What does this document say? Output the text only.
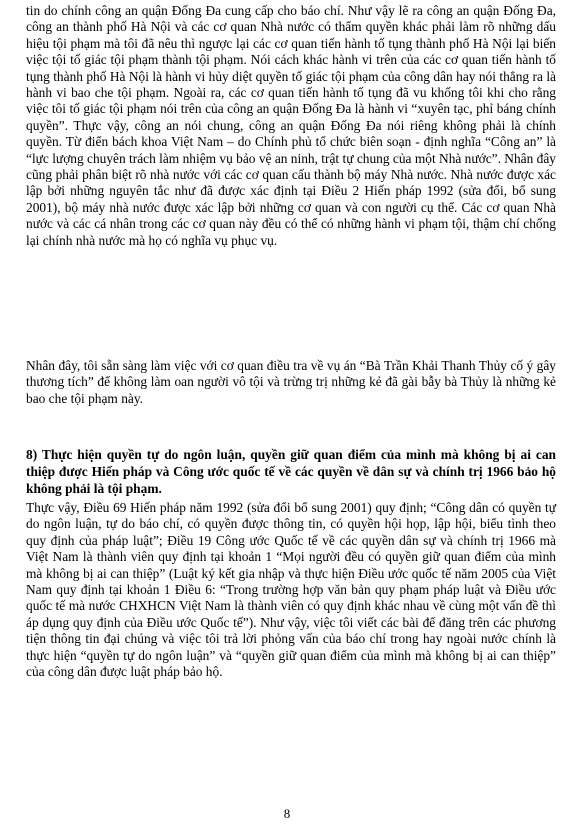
tin do chính công an quận Đống Đa cung cấp cho báo chí. Như vậy lẽ ra công an quận Đống Đa, công an thành phố Hà Nội và các cơ quan Nhà nước có thẩm quyền khác phải làm rõ những dấu hiệu tội phạm mà tôi đã nêu thì ngược lại các cơ quan tiến hành tố tụng thành phố Hà Nội lại biến việc tội tố giác tội phạm thành tội phạm. Nói cách khác hành vi trên của các cơ quan tiến hành tố tụng thành phố Hà Nội là hành vi hủy diệt quyền tố giác tội phạm của công dân hay nói thẳng ra là hành vi bao che tội phạm. Ngoài ra, các cơ quan tiến hành tố tụng đã vu khống tôi khi cho rằng việc tôi tố giác tội phạm nói trên của công an quận Đống Đa là hành vi “xuyên tạc, phỉ báng chính quyền”. Thực vậy, công an nói chung, công an quận Đống Đa nói riêng không phải là chính quyền. Từ điển bách khoa Việt Nam – do Chính phủ tổ chức biên soạn - định nghĩa “Công an” là “lực lượng chuyên trách làm nhiệm vụ bảo vệ an ninh, trật tự chung của một Nhà nước”. Nhân đây cũng phải phân biệt rõ nhà nước với các cơ quan cấu thành bộ máy Nhà nước. Nhà nước được xác lập bởi những nguyên tắc như đã được xác định tại Điều 2 Hiến pháp 1992 (sửa đổi, bổ sung 2001), bộ máy nhà nước được xác lập bởi những cơ quan và con người cụ thể. Các cơ quan Nhà nước và các cá nhân trong các cơ quan này đều có thể có những hành vi phạm tội, thậm chí chống lại chính nhà nước mà họ có nghĩa vụ phục vụ.

Nhân đây, tôi sẵn sàng làm việc với cơ quan điều tra về vụ án “Bà Trần Khải Thanh Thủy cố ý gây thương tích” để không làm oan người vô tội và trừng trị những kẻ đã gài bẫy bà Thủy là những kẻ bao che tội phạm này.

8) Thực hiện quyền tự do ngôn luận, quyền giữ quan điểm của mình mà không bị ai can thiệp được Hiến pháp và Công ước quốc tế về các quyền về dân sự và chính trị 1966 bảo hộ không phải là tội phạm.

Thực vậy, Điều 69 Hiến pháp năm 1992 (sửa đổi bổ sung 2001) quy định; “Công dân có quyền tự do ngôn luận, tự do báo chí, có quyền được thông tin, có quyền hội họp, lập hội, biểu tình theo quy định của pháp luật”; Điều 19 Công ước Quốc tế về các quyền dân sự và chính trị 1966 mà Việt Nam là thành viên quy định tại khoản 1 “Mọi người đều có quyền giữ quan điểm của mình mà không bị ai can thiệp” (Luật ký kết gia nhập và thực hiện Điều ước quốc tế năm 2005 của Việt Nam quy định tại khoản 1 Điều 6: “Trong trường hợp văn bản quy phạm pháp luật và Điều ước quốc tế mà nước CHXHCN Việt Nam là thành viên có quy định khác nhau về cùng một vấn đề thì áp dụng quy định của Điều ước Quốc tế”). Như vậy, việc tôi viết các bài để đăng trên các phương tiện thông tin đại chúng và việc tôi trả lời phỏng vấn của báo chí trong hay ngoài nước chính là thực hiện “quyền tự do ngôn luận” và “quyền giữ quan điểm của mình mà không bị ai can thiệp” của công dân được luật pháp bảo hộ.

8
